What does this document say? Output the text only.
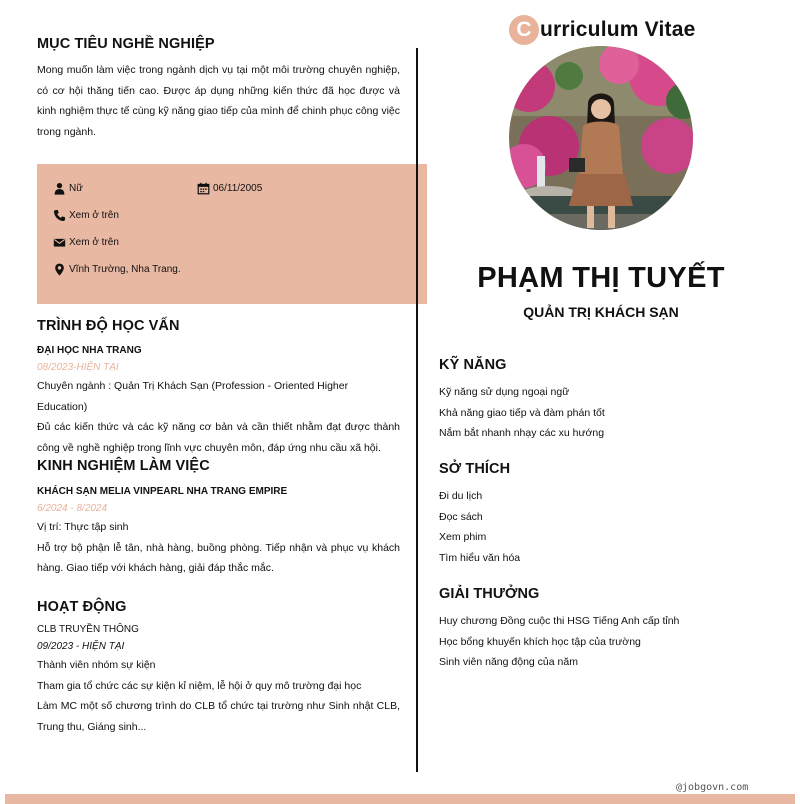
MỤC TIÊU NGHỀ NGHIỆP

Mong muốn làm việc trong ngành dịch vụ tại một môi trường chuyên nghiệp, có cơ hội thăng tiến cao. Được áp dụng những kiến thức đã học được và kinh nghiệm thực tế cùng kỹ năng giao tiếp của mình để chinh phục công việc trong ngành.

Nữ	06/11/2005
Xem ở trên
Xem ở trên
Vĩnh Trường, Nha Trang.
TRÌNH ĐỘ HỌC VẤN

ĐẠI HỌC NHA TRANG

08/2023-HIỆN TẠI

Chuyên ngành : Quản Trị Khách Sạn (Profession - Oriented Higher Education)

Đủ các kiến thức và các kỹ năng cơ bản và cần thiết nhằm đạt được thành công về nghề nghiệp trong lĩnh vực chuyên môn, đáp ứng nhu cầu xã hội.

KINH NGHIỆM LÀM VIỆC

KHÁCH SẠN MELIA VINPEARL NHA TRANG EMPIRE

6/2024 - 8/2024

Vị trí: Thực tập sinh

Hỗ trợ bộ phận lễ tân, nhà hàng, buồng phòng. Tiếp nhận và phục vụ khách hàng. Giao tiếp với khách hàng, giải đáp thắc mắc.

HOẠT ĐỘNG

CLB TRUYỀN THÔNG

09/2023 - HIỆN TẠI

Thành viên nhóm sự kiện

Tham gia tổ chức các sự kiện kỉ niệm, lễ hội ở quy mô trường đại học

Làm MC một số chương trình do CLB tổ chức tại trường như Sinh nhật CLB, Trung thu, Giáng sinh...

C urriculum Vitae
PHẠM THỊ TUYẾT
QUẢN TRỊ KHÁCH SẠN
KỸ NĂNG

Kỹ năng sử dụng ngoại ngữ

Khả năng giao tiếp và đàm phán tốt

Nắm bắt nhanh nhạy các xu hướng

SỞ THÍCH

Đi du lịch

Đọc sách

Xem phim

Tìm hiểu văn hóa

GIẢI THƯỞNG

Huy chương Đồng cuộc thi HSG Tiếng Anh cấp tỉnh

Học bổng khuyến khích học tập của trường

Sinh viên năng động của năm

@jobgovn.com
